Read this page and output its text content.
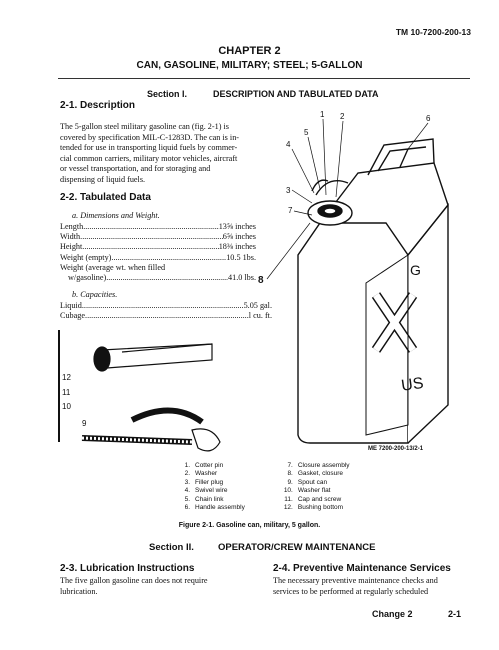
TM 10-7200-200-13
CHAPTER 2
CAN, GASOLINE, MILITARY; STEEL; 5-GALLON
Section I.	DESCRIPTION AND TABULATED DATA
2-1. Description
The 5-gallon steel military gasoline can (fig. 2-1) is
covered by specification MIL-C-1283D. The can is in-
tended for use in transporting liquid fuels by commer-
cial common carriers, military motor vehicles, aircraft
or vessel transportation, and for storaging and
dispensing of liquid fuels.
2-2. Tabulated Data
a. Dimensions and Weight.
Length .....	13⅝ inches
Width .....	6⅝ inches
Height .....	18⅜ inches
Weight (empty) .....	10.5 1bs.
Weight (average wt. when filled
w/gasoline) .....	41.0 lbs.
b. Capacities.
Liquid .....	5.05 gal.
Cubage .....	l cu. ft.
G
US
1 2
3
4
5
6
7
8
ME 7200-200-13/2-1
12
11
10
9
1. Cotter pin
2. Washer
3. Filler plug
4. Swivel wire
5. Chain link
6. Handle assembly
7. Closure assembly
8. Gasket, closure
9. Spout can
10. Washer flat
11. Cap and screw
12. Bushing bottom
Figure 2-1. Gasoline can, military, 5 gallon.
Section II.	OPERATOR/CREW MAINTENANCE
2-3. Lubrication Instructions
The five gallon gasoline can does not require
lubrication.
2-4. Preventive Maintenance Services
The necessary preventive maintenance checks and
services to be performed at regularly scheduled
Change 2	2-1
